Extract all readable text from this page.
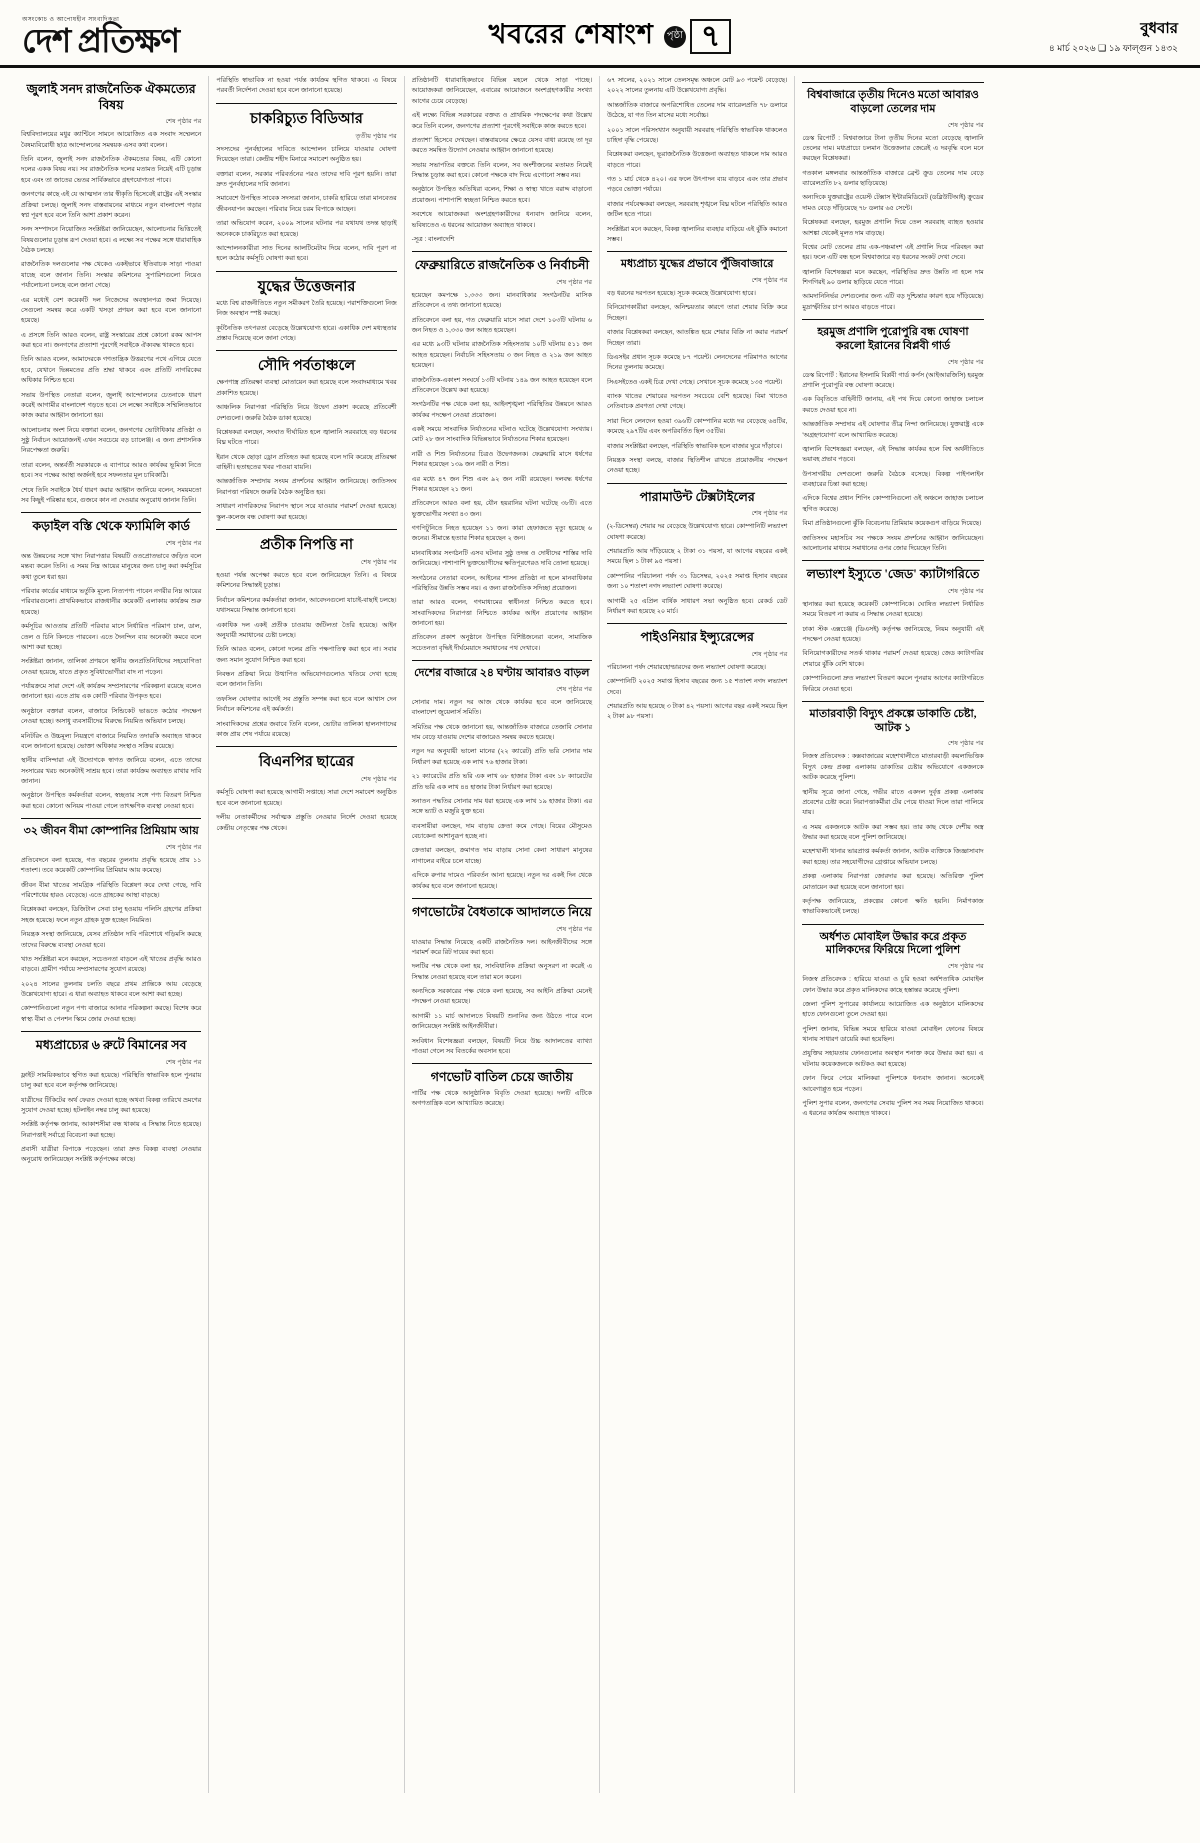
অসংকোচ ও আপোষহীন সাংবাদিকতা
দেশ প্রতিক্ষণ	খবরের শেষাংশ পৃষ্ঠা ৭	বুধবার
৪ মার্চ ২০২৬ ❑ ১৯ ফাল্গুন ১৪৩২
জুলাই সনদ রাজনৈতিক ঐকমত্যের বিষয়
শেষ পৃষ্ঠার পর

বিশ্ববিদ্যালয়ের মধুর ক্যান্টিনে সামনে আয়োজিত এক সংবাদ সম্মেলনে বৈষম্যবিরোধী ছাত্র আন্দোলনের সমন্বয়ক এসব কথা বলেন।

তিনি বলেন, জুলাই সনদ রাজনৈতিক ঐকমত্যের বিষয়, এটি কোনো দলের একক বিষয় নয়। সব রাজনৈতিক দলের মতামত নিয়েই এটি চূড়ান্ত হবে এবং তা জাতের ভেতর সার্বিকভাবে গ্রহণযোগ্যতা পাবে।

জনগণের কাছে এই যে আত্মদান তার স্বীকৃতি হিসেবেই রাষ্ট্রের এই সংস্কার প্রক্রিয়া চলছে। জুলাই সনদ বাস্তবায়নের মাধ্যমে নতুন বাংলাদেশ গড়ার স্বপ্ন পূরণ হবে বলে তিনি আশা প্রকাশ করেন।

সনদ সম্পাদনে নিয়োজিত সংশ্লিষ্টরা জানিয়েছেন, আলোচনার ভিত্তিতেই বিষয়গুলোর চূড়ান্ত রূপ দেওয়া হবে। এ লক্ষ্যে সব পক্ষের সঙ্গে ধারাবাহিক বৈঠক চলছে।

রাজনৈতিক দলগুলোর পক্ষ থেকেও একইভাবে ইতিবাচক সাড়া পাওয়া যাচ্ছে বলে জানান তিনি। সংস্কার কমিশনের সুপারিশগুলো নিয়েও পর্যালোচনা চলছে বলে জানা গেছে।

এর মধ্যেই বেশ কয়েকটি দল নিজেদের অবস্থানপত্র জমা দিয়েছে। সেগুলো সমন্বয় করে একটি খসড়া প্রণয়ন করা হবে বলে জানানো হয়েছে।

এ প্রসঙ্গে তিনি আরও বলেন, রাষ্ট্র সংস্কারের প্রশ্নে কোনো রকম আপস করা হবে না। জনগণের প্রত্যাশা পূরণেই সবাইকে ঐক্যবদ্ধ থাকতে হবে।

তিনি আরও বলেন, আমাদেরকে গণতান্ত্রিক উত্তরণের পথে এগিয়ে যেতে হবে, যেখানে ভিন্নমতের প্রতি শ্রদ্ধা থাকবে এবং প্রতিটি নাগরিকের অধিকার নিশ্চিত হবে।

সভায় উপস্থিত নেতারা বলেন, জুলাই আন্দোলনের চেতনাকে ধারণ করেই আগামীর বাংলাদেশ গড়তে হবে। সে লক্ষ্যে সবাইকে সম্মিলিতভাবে কাজ করার আহ্বান জানানো হয়।

আলোচনায় অংশ নিয়ে বক্তারা বলেন, জনগণের ভোটাধিকার প্রতিষ্ঠা ও সুষ্ঠু নির্বাচন আয়োজনই এখন সবচেয়ে বড় চ্যালেঞ্জ। এ জন্য প্রশাসনিক নিরপেক্ষতা জরুরি।

তারা বলেন, অন্তর্বর্তী সরকারকে এ ব্যাপারে আরও কার্যকর ভূমিকা নিতে হবে। সব পক্ষের আস্থা অর্জনই হবে সফলতার মূল চাবিকাঠি।

শেষে তিনি সবাইকে ধৈর্য ধারণ করার আহ্বান জানিয়ে বলেন, সময়মতো সব কিছুই পরিষ্কার হবে, গুজবে কান না দেওয়ার অনুরোধ জানান তিনি।

কড়াইল বস্তি থেকে ফ্যামিলি কার্ড
শেষ পৃষ্ঠার পর

অন্ত উন্নয়নের সঙ্গে খাদ্য নিরাপত্তার বিষয়টি ওতপ্রোতভাবে জড়িত বলে মন্তব্য করেন তিনি। এ সময় নিম্ন আয়ের মানুষের জন্য চালু করা কর্মসূচির কথা তুলে ধরা হয়।

পরিবার কার্ডের মাধ্যমে ভর্তুকি মূল্যে নিত্যপণ্য পাবেন নগরীর নিম্ন আয়ের পরিবারগুলো। প্রাথমিকভাবে রাজধানীর কয়েকটি এলাকায় কার্যক্রম শুরু হয়েছে।

কর্মসূচির আওতায় প্রতিটি পরিবার মাসে নির্ধারিত পরিমাণ চাল, ডাল, তেল ও চিনি কিনতে পারবেন। এতে দৈনন্দিন ব্যয় অনেকটা কমবে বলে আশা করা হচ্ছে।

সংশ্লিষ্টরা জানান, তালিকা প্রণয়নে স্থানীয় জনপ্রতিনিধিদের সহযোগিতা নেওয়া হয়েছে, যাতে প্রকৃত সুবিধাভোগীরা বাদ না পড়েন।

পর্যায়ক্রমে সারা দেশে এই কার্যক্রম সম্প্রসারণের পরিকল্পনা রয়েছে বলেও জানানো হয়। এতে প্রায় এক কোটি পরিবার উপকৃত হবে।

অনুষ্ঠানে বক্তারা বলেন, বাজারে সিন্ডিকেট ভাঙতে কঠোর পদক্ষেপ নেওয়া হচ্ছে। অসাধু ব্যবসায়ীদের বিরুদ্ধে নিয়মিত অভিযান চলছে।

মনিটরিং ও উচ্চমূল্য নিয়ন্ত্রণে বাজারে নিয়মিত তদারকি অব্যাহত থাকবে বলে জানানো হয়েছে। ভোক্তা অধিকার সংস্থাও সক্রিয় রয়েছে।

স্থানীয় বাসিন্দারা এই উদ্যোগকে স্বাগত জানিয়ে বলেন, এতে তাদের সংসারের খরচ অনেকটাই সাশ্রয় হবে। তারা কার্যক্রম অব্যাহত রাখার দাবি জানান।

অনুষ্ঠানে উপস্থিত কর্মকর্তারা বলেন, স্বচ্ছতার সঙ্গে পণ্য বিতরণ নিশ্চিত করা হবে। কোনো অনিয়ম পাওয়া গেলে তাৎক্ষণিক ব্যবস্থা নেওয়া হবে।

৩২ জীবন বীমা কোম্পানির প্রিমিয়াম আয়
শেষ পৃষ্ঠার পর

প্রতিবেদনে বলা হয়েছে, গত বছরের তুলনায় প্রবৃদ্ধি হয়েছে প্রায় ১১ শতাংশ। তবে কয়েকটি কোম্পানির প্রিমিয়াম আয় কমেছে।

জীবন বীমা খাতের সামগ্রিক পরিস্থিতি বিশ্লেষণ করে দেখা গেছে, দাবি পরিশোধের হারও বেড়েছে। এতে গ্রাহকের আস্থা বাড়ছে।

বিশ্লেষকরা বলছেন, ডিজিটাল সেবা চালু হওয়ায় পলিসি গ্রহণের প্রক্রিয়া সহজ হয়েছে। ফলে নতুন গ্রাহক যুক্ত হচ্ছেন নিয়মিত।

নিয়ন্ত্রক সংস্থা জানিয়েছে, যেসব প্রতিষ্ঠান দাবি পরিশোধে গড়িমসি করছে তাদের বিরুদ্ধে ব্যবস্থা নেওয়া হবে।

খাত সংশ্লিষ্টরা মনে করছেন, সচেতনতা বাড়লে এই খাতের প্রবৃদ্ধি আরও বাড়বে। গ্রামীণ পর্যায়ে সম্প্রসারণের সুযোগ রয়েছে।

২০২৪ সালের তুলনায় চলতি বছরে প্রথম প্রান্তিকে আয় বেড়েছে উল্লেখযোগ্য হারে। এ ধারা অব্যাহত থাকবে বলে আশা করা হচ্ছে।

কোম্পানিগুলো নতুন পণ্য বাজারে আনার পরিকল্পনা করছে। বিশেষ করে স্বাস্থ্য বীমা ও পেনশন স্কিমে জোর দেওয়া হচ্ছে।

মধ্যপ্রাচ্যের ৬ রুটে বিমানের সব
শেষ পৃষ্ঠার পর

ফ্লাইট সাময়িকভাবে স্থগিত করা হয়েছে। পরিস্থিতি স্বাভাবিক হলে পুনরায় চালু করা হবে বলে কর্তৃপক্ষ জানিয়েছে।

যাত্রীদের টিকিটের অর্থ ফেরত দেওয়া হচ্ছে অথবা বিকল্প তারিখে ভ্রমণের সুযোগ দেওয়া হচ্ছে। হটলাইন নম্বর চালু করা হয়েছে।

সংশ্লিষ্ট কর্তৃপক্ষ জানায়, আকাশসীমা বন্ধ থাকায় এ সিদ্ধান্ত নিতে হয়েছে। নিরাপত্তাই সর্বাগ্রে বিবেচনা করা হচ্ছে।

প্রবাসী যাত্রীরা বিপাকে পড়েছেন। তারা দ্রুত বিকল্প ব্যবস্থা নেওয়ার অনুরোধ জানিয়েছেন সংশ্লিষ্ট কর্তৃপক্ষের কাছে।

পরিস্থিতি স্বাভাবিক না হওয়া পর্যন্ত কার্যক্রম স্থগিত থাকবে। এ বিষয়ে পরবর্তী নির্দেশনা দেওয়া হবে বলে জানানো হয়েছে।

চাকরিচ্যুত বিডিআর
তৃতীয় পৃষ্ঠার পর

সদস্যদের পুনর্বহালের দাবিতে আন্দোলন চালিয়ে যাওয়ার ঘোষণা দিয়েছেন তারা। কেন্দ্রীয় শহীদ মিনারে সমাবেশ অনুষ্ঠিত হয়।

বক্তারা বলেন, সরকার পরিবর্তনের পরও তাদের দাবি পূরণ হয়নি। তারা দ্রুত পুনর্বহালের দাবি জানান।

সমাবেশে উপস্থিত সাবেক সদস্যরা জানান, চাকরি হারিয়ে তারা মানবেতর জীবনযাপন করছেন। পরিবার নিয়ে চরম বিপাকে আছেন।

তারা অভিযোগ করেন, ২০০৯ সালের ঘটনার পর যথাযথ তদন্ত ছাড়াই অনেককে চাকরিচ্যুত করা হয়েছে।

আন্দোলনকারীরা সাত দিনের আলটিমেটাম দিয়ে বলেন, দাবি পূরণ না হলে কঠোর কর্মসূচি ঘোষণা করা হবে।

যুদ্ধের উত্তেজনার

মধ্যে বিশ্ব রাজনীতিতে নতুন সমীকরণ তৈরি হয়েছে। পরাশক্তিগুলো নিজ নিজ অবস্থান স্পষ্ট করছে।

কূটনৈতিক তৎপরতা বেড়েছে উল্লেখযোগ্য হারে। একাধিক দেশ মধ্যস্থতার প্রস্তাব দিয়েছে বলে জানা গেছে।

সৌদি পর্বতাঞ্চলে

ক্ষেপণাস্ত্র প্রতিরক্ষা ব্যবস্থা মোতায়েন করা হয়েছে বলে সংবাদমাধ্যমে খবর প্রকাশিত হয়েছে।

আঞ্চলিক নিরাপত্তা পরিস্থিতি নিয়ে উদ্বেগ প্রকাশ করেছে প্রতিবেশী দেশগুলো। জরুরি বৈঠক ডাকা হয়েছে।

বিশ্লেষকরা বলছেন, সংঘাত দীর্ঘায়িত হলে জ্বালানি সরবরাহে বড় ধরনের বিঘ্ন ঘটতে পারে।

ইরান থেকে ছোড়া ড্রোন প্রতিহত করা হয়েছে বলে দাবি করেছে প্রতিরক্ষা বাহিনী। হতাহতের খবর পাওয়া যায়নি।

আন্তর্জাতিক সম্প্রদায় সংযম প্রদর্শনের আহ্বান জানিয়েছে। জাতিসংঘ নিরাপত্তা পরিষদে জরুরি বৈঠক অনুষ্ঠিত হয়।

সাধারণ নাগরিকদের নিরাপদ স্থানে সরে যাওয়ার পরামর্শ দেওয়া হয়েছে। স্কুল-কলেজ বন্ধ ঘোষণা করা হয়েছে।

প্রতীক নিপত্তি না
শেষ পৃষ্ঠার পর

হওয়া পর্যন্ত অপেক্ষা করতে হবে বলে জানিয়েছেন তিনি। এ বিষয়ে কমিশনের সিদ্ধান্তই চূড়ান্ত।

নির্বাচন কমিশনের কর্মকর্তারা জানান, আবেদনগুলো যাচাই-বাছাই চলছে। যথাসময়ে সিদ্ধান্ত জানানো হবে।

একাধিক দল একই প্রতীক চাওয়ায় জটিলতা তৈরি হয়েছে। আইন অনুযায়ী সমাধানের চেষ্টা চলছে।

তিনি আরও বলেন, কোনো দলের প্রতি পক্ষপাতিত্ব করা হবে না। সবার জন্য সমান সুযোগ নিশ্চিত করা হবে।

নিবন্ধন প্রক্রিয়া নিয়ে উত্থাপিত অভিযোগগুলোও খতিয়ে দেখা হচ্ছে বলে জানান তিনি।

তফসিল ঘোষণার আগেই সব প্রস্তুতি সম্পন্ন করা হবে বলে আশ্বাস দেন নির্বাচন কমিশনের এই কর্মকর্তা।

সাংবাদিকদের প্রশ্নের জবাবে তিনি বলেন, ভোটার তালিকা হালনাগাদের কাজ প্রায় শেষ পর্যায়ে রয়েছে।

বিএনপির ছাত্রের
শেষ পৃষ্ঠার পর

কর্মসূচি ঘোষণা করা হয়েছে আগামী সপ্তাহে। সারা দেশে সমাবেশ অনুষ্ঠিত হবে বলে জানানো হয়েছে।

দলীয় নেতাকর্মীদের সর্বাত্মক প্রস্তুতি নেওয়ার নির্দেশ দেওয়া হয়েছে কেন্দ্রীয় নেতৃত্বের পক্ষ থেকে।

প্রতিষ্ঠানটি ধারাবাহিকভাবে বিভিন্ন মহলে থেকে সাড়া পাচ্ছে। আয়োজকরা জানিয়েছেন, এবারের আয়োজনে অংশগ্রহণকারীর সংখ্যা আগের চেয়ে বেড়েছে।

এই লক্ষ্যে বিভিন্ন সরকারের বক্তব্য ও প্রাথমিক পদক্ষেপের কথা উল্লেখ করে তিনি বলেন, জনগণের প্রত্যাশা পূরণেই সবাইকে কাজ করতে হবে।

প্রত্যাশা' হিসেবে দেখছেন। বাস্তবায়নের ক্ষেত্রে যেসব বাধা রয়েছে তা দূর করতে সমন্বিত উদ্যোগ নেওয়ার আহ্বান জানানো হয়েছে।

সভায় সভাপতির বক্তব্যে তিনি বলেন, সব অংশীজনের মতামত নিয়েই সিদ্ধান্ত চূড়ান্ত করা হবে। কোনো পক্ষকে বাদ দিয়ে এগোনো সম্ভব নয়।

অনুষ্ঠানে উপস্থিত অতিথিরা বলেন, শিক্ষা ও স্বাস্থ্য খাতে বরাদ্দ বাড়ানো প্রয়োজন। পাশাপাশি স্বচ্ছতা নিশ্চিত করতে হবে।

সবশেষে আয়োজকরা অংশগ্রহণকারীদের ধন্যবাদ জানিয়ে বলেন, ভবিষ্যতেও এ ধরনের আয়োজন অব্যাহত থাকবে।

-সূত্র : বাংলাদেশি

ফেব্রুয়ারিতে রাজনৈতিক ও নির্বাচনী
শেষ পৃষ্ঠার পর

হয়েছেন কমপক্ষে ১,৩৩৩ জন। মানবাধিকার সংগঠনটির মাসিক প্রতিবেদনে এ তথ্য জানানো হয়েছে।

প্রতিবেদনে বলা হয়, গত ফেব্রুয়ারি মাসে সারা দেশে ১০৩টি ঘটনায় ৬ জন নিহত ও ১,৩৩০ জন আহত হয়েছেন।

এর মধ্যে ৯৩টি ঘটনায় রাজনৈতিক সহিংসতায় ১০টি ঘটনায় ৫১১ জন আহত হয়েছেন। নির্বাচনি সহিংসতায় ৩ জন নিহত ও ২১৯ জন আহত হয়েছেন।

রাজনৈতিক-একাংশ সংঘর্ষে ১৩টি ঘটনায় ১৪৯ জন আহত হয়েছেন বলে প্রতিবেদনে উল্লেখ করা হয়েছে।

সংগঠনটির পক্ষ থেকে বলা হয়, আইনশৃঙ্খলা পরিস্থিতির উন্নয়নে আরও কার্যকর পদক্ষেপ নেওয়া প্রয়োজন।

একই সময়ে সাংবাদিক নির্যাতনের ঘটনাও ঘটেছে উল্লেখযোগ্য সংখ্যায়। মোট ২৮ জন সাংবাদিক বিভিন্নভাবে নির্যাতনের শিকার হয়েছেন।

নারী ও শিশু নির্যাতনের চিত্রও উদ্বেগজনক। ফেব্রুয়ারি মাসে ধর্ষণের শিকার হয়েছেন ১৩৯ জন নারী ও শিশু।

এর মধ্যে ৪৭ জন শিশু এবং ৯২ জন নারী রয়েছেন। দলবদ্ধ ধর্ষণের শিকার হয়েছেন ২১ জন।

প্রতিবেদনে আরও বলা হয়, যৌন হয়রানির ঘটনা ঘটেছে ৩৮টি। এতে ভুক্তভোগীর সংখ্যা ৪৩ জন।

গণপিটুনিতে নিহত হয়েছেন ১১ জন। কারা হেফাজতে মৃত্যু হয়েছে ৬ জনের। সীমান্তে হত্যার শিকার হয়েছেন ২ জন।

মানবাধিকার সংগঠনটি এসব ঘটনার সুষ্ঠু তদন্ত ও দোষীদের শাস্তির দাবি জানিয়েছে। পাশাপাশি ভুক্তভোগীদের ক্ষতিপূরণেরও দাবি তোলা হয়েছে।

সংগঠনের নেতারা বলেন, আইনের শাসন প্রতিষ্ঠা না হলে মানবাধিকার পরিস্থিতির উন্নতি সম্ভব নয়। এ জন্য রাজনৈতিক সদিচ্ছা প্রয়োজন।

তারা আরও বলেন, গণমাধ্যমের স্বাধীনতা নিশ্চিত করতে হবে। সাংবাদিকদের নিরাপত্তা নিশ্চিতে কার্যকর আইন প্রয়োগের আহ্বান জানানো হয়।

প্রতিবেদন প্রকাশ অনুষ্ঠানে উপস্থিত বিশিষ্টজনেরা বলেন, সামাজিক সচেতনতা বৃদ্ধিই দীর্ঘমেয়াদে সমাধানের পথ দেখাবে।

দেশের বাজারে ২৪ ঘণ্টায় আবারও বাড়ল
শেষ পৃষ্ঠার পর

সোনার দাম। নতুন দর আজ থেকে কার্যকর হবে বলে জানিয়েছে বাংলাদেশ জুয়েলার্স সমিতি।

সমিতির পক্ষ থেকে জানানো হয়, আন্তর্জাতিক বাজারে তেজাবি সোনার দাম বেড়ে যাওয়ায় দেশের বাজারেও সমন্বয় করতে হয়েছে।

নতুন দর অনুযায়ী ভালো মানের (২২ ক্যারেট) প্রতি ভরি সোনার দাম নির্ধারণ করা হয়েছে এক লাখ ৭৬ হাজার টাকা।

২১ ক্যারেটের প্রতি ভরি এক লাখ ৬৮ হাজার টাকা এবং ১৮ ক্যারেটের প্রতি ভরি এক লাখ ৪৪ হাজার টাকা নির্ধারণ করা হয়েছে।

সনাতন পদ্ধতির সোনার দাম ধরা হয়েছে এক লাখ ১৯ হাজার টাকা। এর সঙ্গে ভ্যাট ও মজুরি যুক্ত হবে।

ব্যবসায়ীরা বলছেন, দাম বাড়ায় ক্রেতা কমে গেছে। বিয়ের মৌসুমেও বেচাকেনা আশানুরূপ হচ্ছে না।

ক্রেতারা বলছেন, ক্রমাগত দাম বাড়ায় সোনা কেনা সাধারণ মানুষের নাগালের বাইরে চলে যাচ্ছে।

এদিকে রুপার দামেও পরিবর্তন আনা হয়েছে। নতুন দর একই দিন থেকে কার্যকর হবে বলে জানানো হয়েছে।

গণভোটের বৈধতাকে আদালতে নিয়ে
শেষ পৃষ্ঠার পর

যাওয়ার সিদ্ধান্ত নিয়েছে একটি রাজনৈতিক দল। আইনজীবীদের সঙ্গে পরামর্শ করে রিট দায়ের করা হবে।

দলটির পক্ষ থেকে বলা হয়, সাংবিধানিক প্রক্রিয়া অনুসরণ না করেই এ সিদ্ধান্ত নেওয়া হয়েছে বলে তারা মনে করেন।

অন্যদিকে সরকারের পক্ষ থেকে বলা হয়েছে, সব আইনি প্রক্রিয়া মেনেই পদক্ষেপ নেওয়া হয়েছে।

আগামী ১১ মার্চ আদালতে বিষয়টি শুনানির জন্য উঠতে পারে বলে জানিয়েছেন সংশ্লিষ্ট আইনজীবীরা।

সংবিধান বিশেষজ্ঞরা বলছেন, বিষয়টি নিয়ে উচ্চ আদালতের ব্যাখ্যা পাওয়া গেলে সব বিতর্কের অবসান হবে।

গণভোট বাতিল চেয়ে জাতীয়

পার্টির পক্ষ থেকে আনুষ্ঠানিক বিবৃতি দেওয়া হয়েছে। দলটি এটিকে অগণতান্ত্রিক বলে আখ্যায়িত করেছে।

৬৭ সালের, ২০২১ সালে তেলসমৃদ্ধ অঞ্চলে মোট ৯৩ পয়েন্ট বেড়েছে। ২০২২ সালের তুলনায় এটি উল্লেখযোগ্য প্রবৃদ্ধি।

আন্তর্জাতিক বাজারে অপরিশোধিত তেলের দাম ব্যারেলপ্রতি ৭৮ ডলারে উঠেছে, যা গত তিন মাসের মধ্যে সর্বোচ্চ।

২০০১ সালে পরিসংখ্যান অনুযায়ী সরবরাহ পরিস্থিতি স্বাভাবিক থাকলেও চাহিদা বৃদ্ধি পেয়েছে।

বিশ্লেষকরা বলছেন, ভূরাজনৈতিক উত্তেজনা অব্যাহত থাকলে দাম আরও বাড়তে পারে।

গত ১ মার্চ থেকে ৪২০। এর ফলে উৎপাদন ব্যয় বাড়বে এবং তার প্রভাব পড়বে ভোক্তা পর্যায়ে।

বাজার পর্যবেক্ষকরা বলছেন, সরবরাহ শৃঙ্খলে বিঘ্ন ঘটলে পরিস্থিতি আরও জটিল হতে পারে।

সংশ্লিষ্টরা মনে করছেন, বিকল্প জ্বালানির ব্যবহার বাড়িয়ে এই ঝুঁকি কমানো সম্ভব।

মধ্যপ্রাচ্য যুদ্ধের প্রভাবে পুঁজিবাজারে
শেষ পৃষ্ঠার পর

বড় ধরনের দরপতন হয়েছে। সূচক কমেছে উল্লেখযোগ্য হারে।

বিনিয়োগকারীরা বলছেন, অনিশ্চয়তার কারণে তারা শেয়ার বিক্রি করে দিচ্ছেন।

বাজার বিশ্লেষকরা বলছেন, আতঙ্কিত হয়ে শেয়ার বিক্রি না করার পরামর্শ দিচ্ছেন তারা।

ডিএসইর প্রধান সূচক কমেছে ৮৭ পয়েন্ট। লেনদেনের পরিমাণও আগের দিনের তুলনায় কমেছে।

সিএসইতেও একই চিত্র দেখা গেছে। সেখানে সূচক কমেছে ১৩৫ পয়েন্ট।

ব্যাংক খাতের শেয়ারের দরপতন সবচেয়ে বেশি হয়েছে। বিমা খাতেও নেতিবাচক প্রবণতা দেখা গেছে।

সারা দিনে লেনদেন হওয়া ৩৯৬টি কোম্পানির মধ্যে দর বেড়েছে ৬৪টির, কমেছে ২৯৭টির এবং অপরিবর্তিত ছিল ৩৫টির।

বাজার সংশ্লিষ্টরা বলছেন, পরিস্থিতি স্বাভাবিক হলে বাজার ঘুরে দাঁড়াবে।

নিয়ন্ত্রক সংস্থা বলছে, বাজার স্থিতিশীল রাখতে প্রয়োজনীয় পদক্ষেপ নেওয়া হচ্ছে।

পারামাউন্ট টেক্সটাইলের
শেষ পৃষ্ঠার পর

(২-ডিসেম্বর) শেয়ার দর বেড়েছে উল্লেখযোগ্য হারে। কোম্পানিটি লভ্যাংশ ঘোষণা করেছে।

শেয়ারপ্রতি আয় দাঁড়িয়েছে ২ টাকা ৩১ পয়সা, যা আগের বছরের একই সময়ে ছিল ১ টাকা ৯৫ পয়সা।

কোম্পানির পরিচালনা পর্ষদ ৩১ ডিসেম্বর, ২০২৫ সমাপ্ত হিসাব বছরের জন্য ১০ শতাংশ নগদ লভ্যাংশ ঘোষণা করেছে।

আগামী ২৫ এপ্রিল বার্ষিক সাধারণ সভা অনুষ্ঠিত হবে। রেকর্ড ডেট নির্ধারণ করা হয়েছে ২০ মার্চ।

পাইওনিয়ার ইন্স্যুরেন্সের
শেষ পৃষ্ঠার পর

পরিচালনা পর্ষদ শেয়ারহোল্ডারদের জন্য লভ্যাংশ ঘোষণা করেছে।

কোম্পানিটি ২০২৫ সমাপ্ত হিসাব বছরের জন্য ১৫ শতাংশ নগদ লভ্যাংশ দেবে।

শেয়ারপ্রতি আয় হয়েছে ৩ টাকা ৪২ পয়সা। আগের বছর একই সময়ে ছিল ২ টাকা ৯৮ পয়সা।

বিশ্ববাজারে তৃতীয় দিনেও মতো আবারও বাড়লো তেলের দাম
শেষ পৃষ্ঠার পর

ডেস্ক রিপোর্ট : বিশ্ববাজারে টানা তৃতীয় দিনের মতো বেড়েছে জ্বালানি তেলের দাম। মধ্যপ্রাচ্যে চলমান উত্তেজনার জেরেই এ দরবৃদ্ধি বলে মনে করছেন বিশ্লেষকরা।

গতকাল মঙ্গলবার আন্তর্জাতিক বাজারে ব্রেন্ট ক্রুড তেলের দাম বেড়ে ব্যারেলপ্রতি ৮২ ডলার ছাড়িয়েছে।

অন্যদিকে যুক্তরাষ্ট্রের ওয়েস্ট টেক্সাস ইন্টারমিডিয়েট (ডব্লিউটিআই) ক্রুডের দামও বেড়ে দাঁড়িয়েছে ৭৮ ডলার ৬৫ সেন্টে।

বিশ্লেষকরা বলছেন, হরমুজ প্রণালি দিয়ে তেল সরবরাহ ব্যাহত হওয়ার আশঙ্কা থেকেই মূলত দাম বাড়ছে।

বিশ্বের মোট তেলের প্রায় এক-পঞ্চমাংশ এই প্রণালি দিয়ে পরিবহন করা হয়। ফলে এটি বন্ধ হলে বিশ্ববাজারে বড় ধরনের সংকট দেখা দেবে।

জ্বালানি বিশেষজ্ঞরা মনে করছেন, পরিস্থিতির দ্রুত উন্নতি না হলে দাম শিগগিরই ৯০ ডলার ছাড়িয়ে যেতে পারে।

আমদানিনির্ভর দেশগুলোর জন্য এটি বড় দুশ্চিন্তার কারণ হয়ে দাঁড়িয়েছে। মুদ্রাস্ফীতির চাপ আরও বাড়তে পারে।

হরমুজ প্রণালি পুরোপুরি বন্ধ ঘোষণা করলো ইরানের বিপ্লবী গার্ড
শেষ পৃষ্ঠার পর

ডেস্ক রিপোর্ট : ইরানের ইসলামি বিপ্লবী গার্ড কর্পস (আইআরজিসি) হরমুজ প্রণালি পুরোপুরি বন্ধ ঘোষণা করেছে।

এক বিবৃতিতে বাহিনীটি জানায়, এই পথ দিয়ে কোনো জাহাজ চলাচল করতে দেওয়া হবে না।

আন্তর্জাতিক সম্প্রদায় এই ঘোষণার তীব্র নিন্দা জানিয়েছে। যুক্তরাষ্ট্র একে 'অগ্রহণযোগ্য' বলে আখ্যায়িত করেছে।

জ্বালানি বিশেষজ্ঞরা বলছেন, এই সিদ্ধান্ত কার্যকর হলে বিশ্ব অর্থনীতিতে ভয়াবহ প্রভাব পড়বে।

উপসাগরীয় দেশগুলো জরুরি বৈঠকে বসেছে। বিকল্প পাইপলাইন ব্যবহারের চিন্তা করা হচ্ছে।

এদিকে বিশ্বের প্রধান শিপিং কোম্পানিগুলো ওই অঞ্চলে জাহাজ চলাচল স্থগিত করেছে।

বিমা প্রতিষ্ঠানগুলো ঝুঁকি বিবেচনায় প্রিমিয়াম কয়েকগুণ বাড়িয়ে দিয়েছে।

জাতিসংঘ মহাসচিব সব পক্ষকে সংযম প্রদর্শনের আহ্বান জানিয়েছেন। আলোচনার মাধ্যমে সমাধানের ওপর জোর দিয়েছেন তিনি।

লভ্যাংশ ইস্যুতে 'জেড' ক্যাটাগরিতে
শেষ পৃষ্ঠার পর

স্থানান্তর করা হয়েছে কয়েকটি কোম্পানিকে। ঘোষিত লভ্যাংশ নির্ধারিত সময়ে বিতরণ না করায় এ সিদ্ধান্ত নেওয়া হয়েছে।

ঢাকা স্টক এক্সচেঞ্জ (ডিএসই) কর্তৃপক্ষ জানিয়েছে, নিয়ম অনুযায়ী এই পদক্ষেপ নেওয়া হয়েছে।

বিনিয়োগকারীদের সতর্ক থাকার পরামর্শ দেওয়া হয়েছে। জেড ক্যাটাগরির শেয়ারে ঝুঁকি বেশি থাকে।

কোম্পানিগুলো দ্রুত লভ্যাংশ বিতরণ করলে পুনরায় আগের ক্যাটাগরিতে ফিরিয়ে নেওয়া হবে।

মাতারবাড়ী বিদ্যুৎ প্রকল্পে ডাকাতি চেষ্টা, আটক ১
শেষ পৃষ্ঠার পর

নিজস্ব প্রতিবেদক : কক্সবাজারের মহেশখালীতে মাতারবাড়ী কয়লাভিত্তিক বিদ্যুৎ কেন্দ্র প্রকল্প এলাকায় ডাকাতির চেষ্টার অভিযোগে একজনকে আটক করেছে পুলিশ।

স্থানীয় সূত্রে জানা গেছে, গভীর রাতে একদল দুর্বৃত্ত প্রকল্প এলাকায় প্রবেশের চেষ্টা করে। নিরাপত্তাকর্মীরা টের পেয়ে ধাওয়া দিলে তারা পালিয়ে যায়।

এ সময় একজনকে আটক করা সম্ভব হয়। তার কাছ থেকে দেশীয় অস্ত্র উদ্ধার করা হয়েছে বলে পুলিশ জানিয়েছে।

মহেশখালী থানার ভারপ্রাপ্ত কর্মকর্তা জানান, আটক ব্যক্তিকে জিজ্ঞাসাবাদ করা হচ্ছে। তার সহযোগীদের গ্রেপ্তারে অভিযান চলছে।

প্রকল্প এলাকায় নিরাপত্তা জোরদার করা হয়েছে। অতিরিক্ত পুলিশ মোতায়েন করা হয়েছে বলে জানানো হয়।

কর্তৃপক্ষ জানিয়েছে, প্রকল্পের কোনো ক্ষতি হয়নি। নির্মাণকাজ স্বাভাবিকভাবেই চলছে।

অর্ধশত মোবাইল উদ্ধার করে প্রকৃত মালিকদের ফিরিয়ে দিলো পুলিশ
শেষ পৃষ্ঠার পর

নিজস্ব প্রতিবেদক : হারিয়ে যাওয়া ও চুরি হওয়া অর্ধশতাধিক মোবাইল ফোন উদ্ধার করে প্রকৃত মালিকদের কাছে হস্তান্তর করেছে পুলিশ।

জেলা পুলিশ সুপারের কার্যালয়ে আয়োজিত এক অনুষ্ঠানে মালিকদের হাতে ফোনগুলো তুলে দেওয়া হয়।

পুলিশ জানায়, বিভিন্ন সময়ে হারিয়ে যাওয়া মোবাইল ফোনের বিষয়ে থানায় সাধারণ ডায়েরি করা হয়েছিল।

প্রযুক্তির সহায়তায় ফোনগুলোর অবস্থান শনাক্ত করে উদ্ধার করা হয়। এ ঘটনায় কয়েকজনকে আটকও করা হয়েছে।

ফোন ফিরে পেয়ে মালিকরা পুলিশকে ধন্যবাদ জানান। অনেকেই আবেগাপ্লুত হয়ে পড়েন।

পুলিশ সুপার বলেন, জনগণের সেবায় পুলিশ সব সময় নিয়োজিত থাকবে। এ ধরনের কার্যক্রম অব্যাহত থাকবে।
